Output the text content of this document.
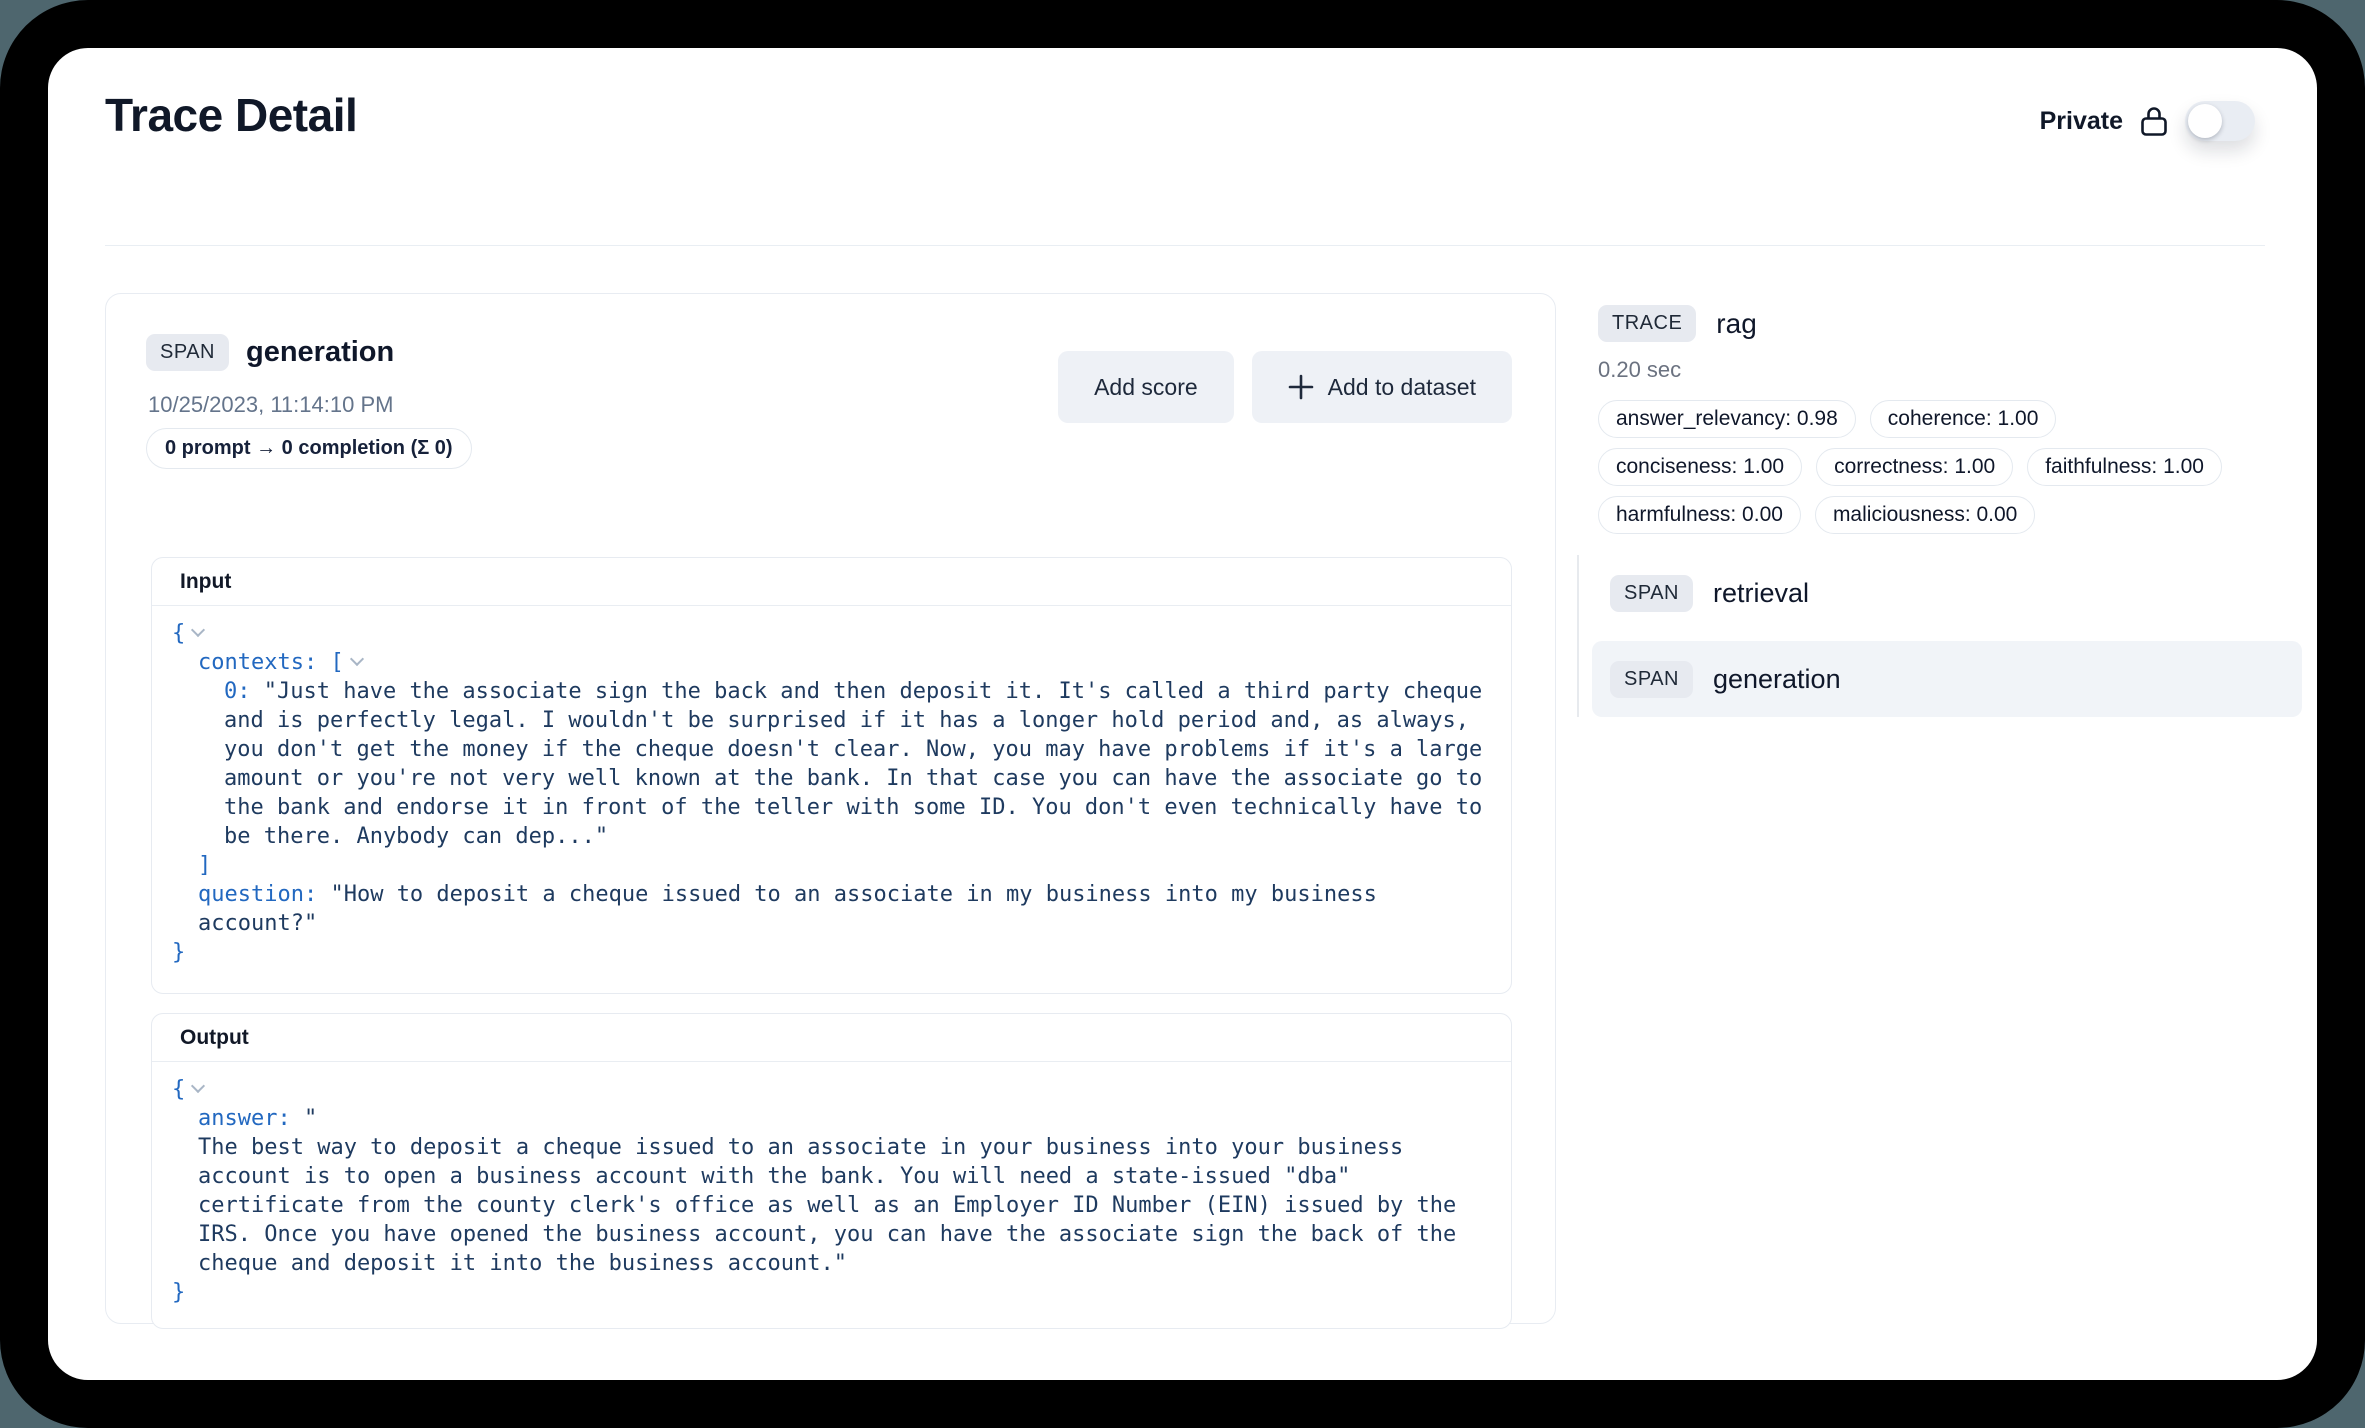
Trace Detail	Private
SPAN	generation
10/25/2023, 11:14:10 PM
0 prompt → 0 completion (Σ 0)
Add score	Add to dataset
Input
{
contexts: [
0: "Just have the associate sign the back and then deposit it. It's called a third party cheque
and is perfectly legal. I wouldn't be surprised if it has a longer hold period and, as always,
you don't get the money if the cheque doesn't clear. Now, you may have problems if it's a large
amount or you're not very well known at the bank. In that case you can have the associate go to
the bank and endorse it in front of the teller with some ID. You don't even technically have to
be there. Anybody can dep..."
]
question: "How to deposit a cheque issued to an associate in my business into my business
account?"
}
Output
{
answer: "
The best way to deposit a cheque issued to an associate in your business into your business
account is to open a business account with the bank. You will need a state-issued "dba"
certificate from the county clerk's office as well as an Employer ID Number (EIN) issued by the
IRS. Once you have opened the business account, you can have the associate sign the back of the
cheque and deposit it into the business account."
}
TRACE	rag
0.20 sec
answer_relevancy: 0.98	coherence: 1.00
conciseness: 1.00	correctness: 1.00	faithfulness: 1.00
harmfulness: 0.00	maliciousness: 0.00
SPAN	retrieval
SPAN	generation
